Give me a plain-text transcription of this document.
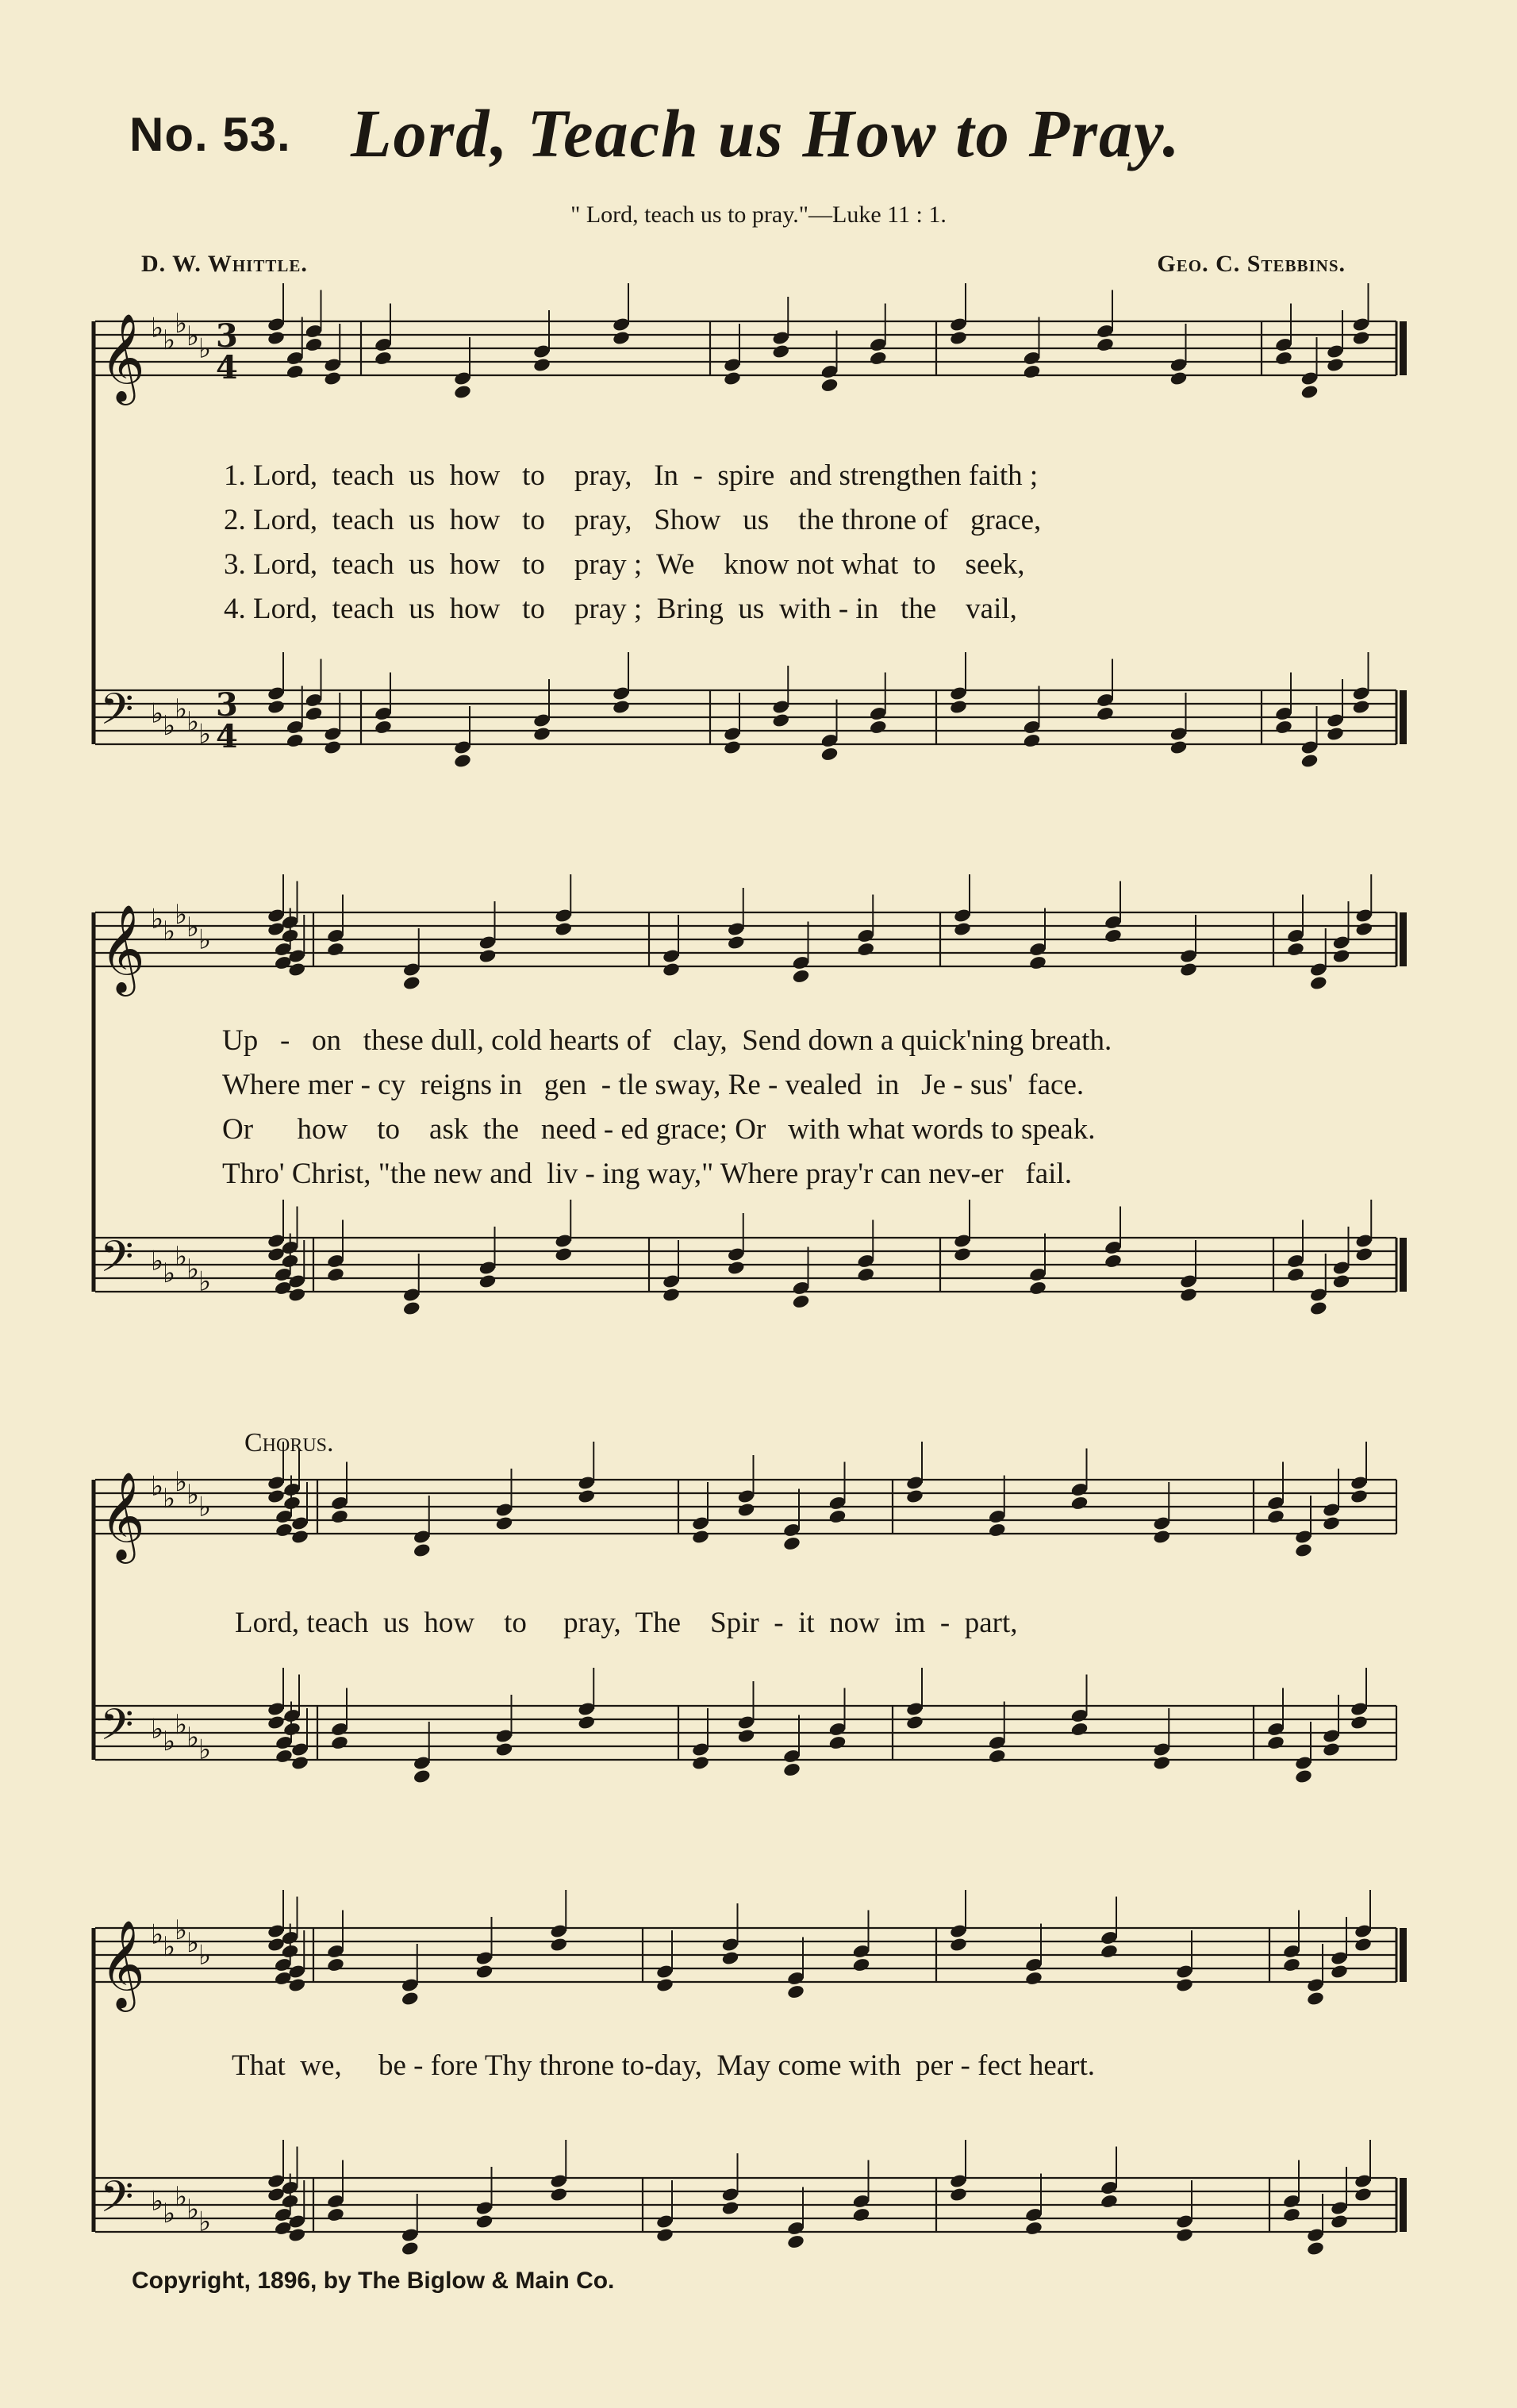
No. 53. Lord, Teach us How to Pray.
" Lord, teach us to pray."—Luke 11 : 1.
D. W. Whittle.	Geo. C. Stebbins.
𝄞 ♭
♭
♭
♭
♭ 3
4
𝄢 ♭
♭
♭
♭
♭
3
4
𝄞 ♭
♭
♭
♭
♭
𝄢 ♭
♭
♭
♭
♭
𝄞 ♭
♭
♭
♭
♭
𝄢 ♭
♭
♭
♭
♭
𝄞 ♭
♭
♭
♭
♭
𝄢 ♭
♭
♭
♭
♭
1. Lord,  teach  us  how   to    pray,   In  -  spire  and strengthen faith ;
2. Lord,  teach  us  how   to    pray,   Show   us    the throne of   grace,
3. Lord,  teach  us  how   to    pray ;  We    know not what  to    seek,
4. Lord,  teach  us  how   to    pray ;  Bring  us  with - in   the    vail,
Up   -   on   these dull, cold hearts of   clay,  Send down a quick'ning breath.
Where mer - cy  reigns in   gen  - tle sway, Re - vealed  in   Je - sus'  face.
Or      how    to    ask  the   need - ed grace; Or   with what words to speak.
Thro' Christ, "the new and  liv - ing way," Where pray'r can nev-er   fail.
Chorus.
Lord, teach  us  how    to     pray,  The    Spir  -  it  now  im  -  part,
That  we,     be - fore Thy throne to-day,  May come with  per - fect heart.
Copyright, 1896, by The Biglow & Main Co.
